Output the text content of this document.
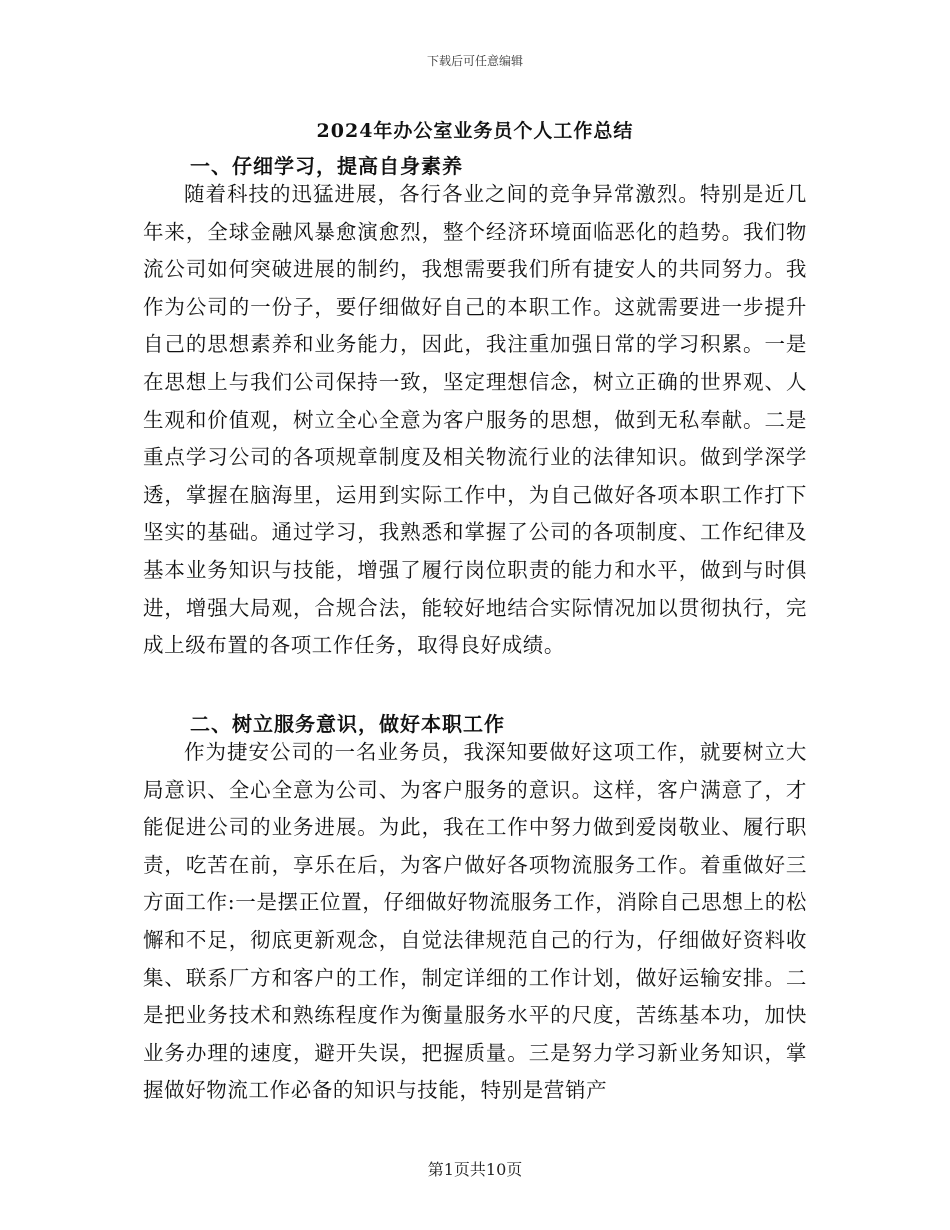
下载后可任意编辑
2024年办公室业务员个人工作总结
一、仔细学习，提高自身素养

随着科技的迅猛进展，各行各业之间的竞争异常激烈。特别是近几年来，全球金融风暴愈演愈烈，整个经济环境面临恶化的趋势。我们物流公司如何突破进展的制约，我想需要我们所有捷安人的共同努力。我作为公司的一份子，要仔细做好自己的本职工作。这就需要进一步提升自己的思想素养和业务能力，因此，我注重加强日常的学习积累。一是在思想上与我们公司保持一致，坚定理想信念，树立正确的世界观、人生观和价值观，树立全心全意为客户服务的思想，做到无私奉献。二是重点学习公司的各项规章制度及相关物流行业的法律知识。做到学深学透，掌握在脑海里，运用到实际工作中，为自己做好各项本职工作打下坚实的基础。通过学习，我熟悉和掌握了公司的各项制度、工作纪律及基本业务知识与技能，增强了履行岗位职责的能力和水平，做到与时俱进，增强大局观，合规合法，能较好地结合实际情况加以贯彻执行，完成上级布置的各项工作任务，取得良好成绩。

二、树立服务意识，做好本职工作

作为捷安公司的一名业务员，我深知要做好这项工作，就要树立大局意识、全心全意为公司、为客户服务的意识。这样，客户满意了，才能促进公司的业务进展。为此，我在工作中努力做到爱岗敬业、履行职责，吃苦在前，享乐在后，为客户做好各项物流服务工作。着重做好三方面工作:一是摆正位置，仔细做好物流服务工作，消除自己思想上的松懈和不足，彻底更新观念，自觉法律规范自己的行为，仔细做好资料收集、联系厂方和客户的工作，制定详细的工作计划，做好运输安排。二是把业务技术和熟练程度作为衡量服务水平的尺度，苦练基本功，加快业务办理的速度，避开失误，把握质量。三是努力学习新业务知识，掌握做好物流工作必备的知识与技能，特别是营销产

第1页共10页
